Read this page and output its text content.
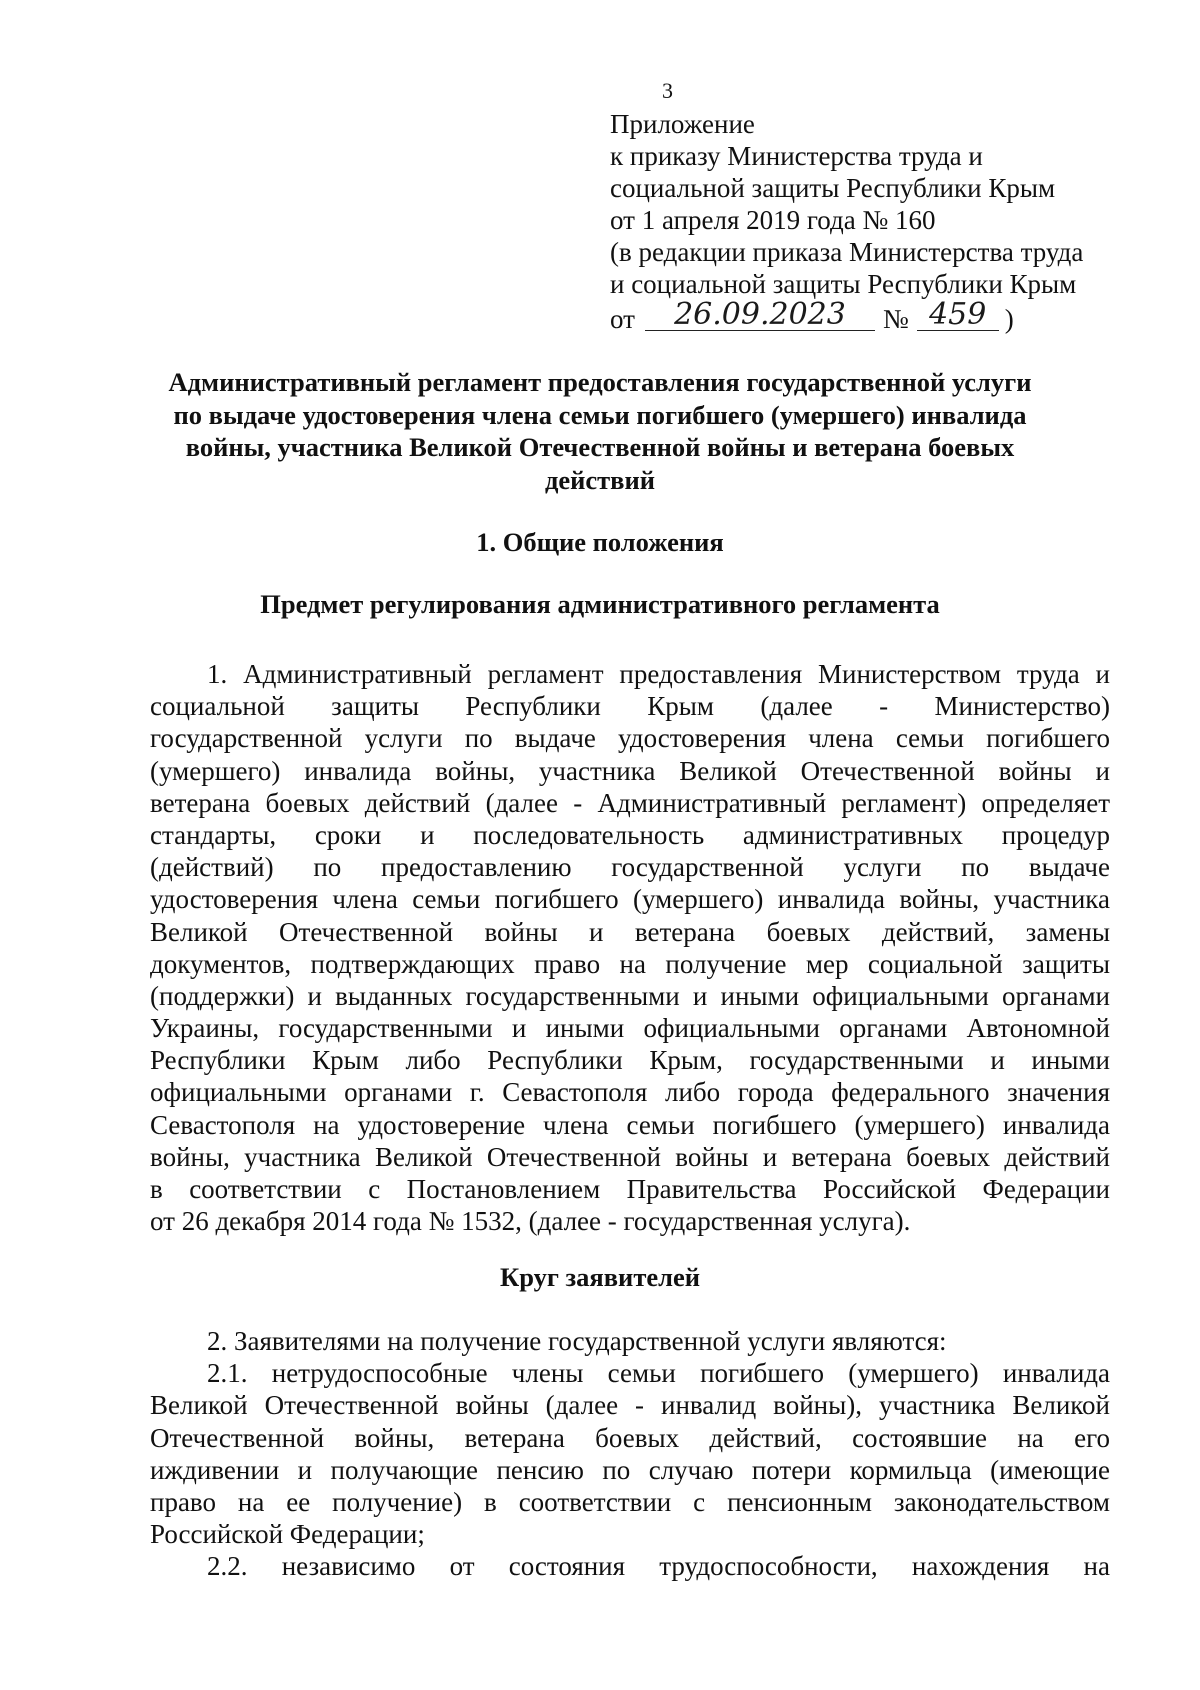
3
Приложение
к приказу Министерства труда и
социальной защиты Республики Крым
от 1 апреля 2019 года № 160
(в редакции приказа Министерства труда
и социальной защиты Республики Крым
от	26.09.2023	№ 459 )
Административный регламент предоставления государственной услуги
по выдаче удостоверения члена семьи погибшего (умершего) инвалида
войны, участника Великой Отечественной войны и ветерана боевых
действий
1. Общие положения
Предмет регулирования административного регламента
1. Административный регламент предоставления Министерством труда и
социальной защиты Республики Крым (далее - Министерство)
государственной услуги по выдаче удостоверения члена семьи погибшего
(умершего) инвалида войны, участника Великой Отечественной войны и
ветерана боевых действий (далее - Административный регламент) определяет
стандарты, сроки и последовательность административных процедур
(действий) по предоставлению государственной услуги по выдаче
удостоверения члена семьи погибшего (умершего) инвалида войны, участника
Великой Отечественной войны и ветерана боевых действий, замены
документов, подтверждающих право на получение мер социальной защиты
(поддержки) и выданных государственными и иными официальными органами
Украины, государственными и иными официальными органами Автономной
Республики Крым либо Республики Крым, государственными и иными
официальными органами г. Севастополя либо города федерального значения
Севастополя на удостоверение члена семьи погибшего (умершего) инвалида
войны, участника Великой Отечественной войны и ветерана боевых действий
в соответствии с Постановлением Правительства Российской Федерации
от 26 декабря 2014 года № 1532, (далее - государственная услуга).
Круг заявителей
2. Заявителями на получение государственной услуги являются:
2.1. нетрудоспособные члены семьи погибшего (умершего) инвалида
Великой Отечественной войны (далее - инвалид войны), участника Великой
Отечественной войны, ветерана боевых действий, состоявшие на его
иждивении и получающие пенсию по случаю потери кормильца (имеющие
право на ее получение) в соответствии с пенсионным законодательством
Российской Федерации;
2.2. независимо от состояния трудоспособности, нахождения на
